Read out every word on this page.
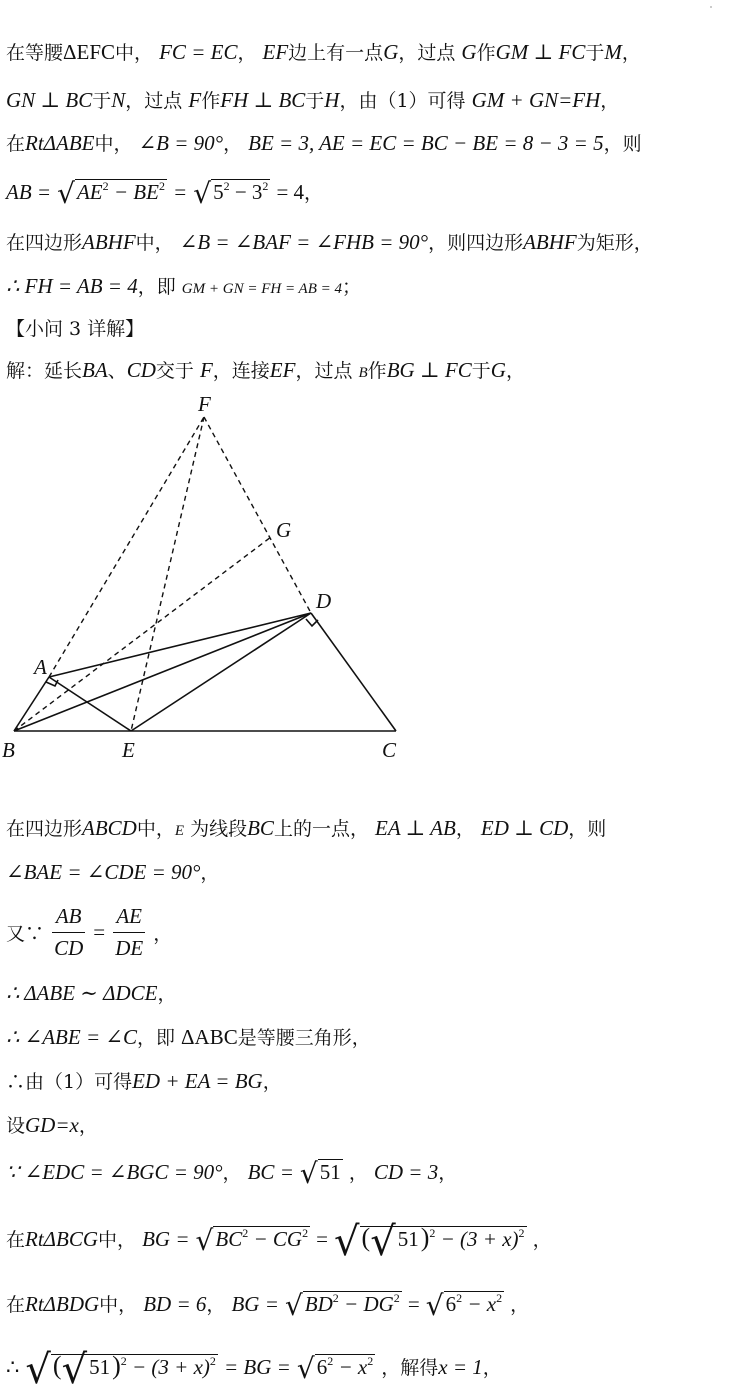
在等腰ΔEFC中， FC = EC， EF边上有一点G，过点 G作GM ⊥ FC于M，
GN ⊥ BC于N，过点 F作FH ⊥ BC于H，由（1）可得 GM + GN=FH，
在RtΔABE中， ∠B = 90°， BE = 3, AE = EC = BC − BE = 8 − 3 = 5，则
AB = $√AE^2 - BE^2 = √5^2 - 3^2 = 4$，
在四边形ABHF中， ∠B = ∠BAF = ∠FHB = 90°，则四边形ABHF为矩形，
∴ FH = AB = 4，即 GM + GN = FH = AB = 4；
【小问 3 详解】
解：延长BA、CD交于 F，连接EF，过点 B作BG ⊥ FC于G，
F
G
D
A
B	E	C
在四边形ABCD中，E 为线段BC上的一点， EA ⊥ AB， ED ⊥ CD，则
∠BAE = ∠CDE = 90°，
又∵ $\frac{AB}{CD} = \frac{AE}{DE}$ ，
∴ ΔABE ∼ ΔDCE，
∴ ∠ABE = ∠C，即 ΔABC是等腰三角形，
∴由（1）可得ED + EA = BG，
设GD=x，
∵ ∠EDC = ∠BGC = 90°， BC = √51 ， CD = 3，
在RtΔBCG中， BG = $√BC^2 - CG^2 = √(√51)^2 - (3 + x)^2$ ，
在RtΔBDG中， BD = 6， BG = $√BD^2 - DG^2 = √6^2 - x^2$ ，
∴ $√(√51)^2 - (3 + x)^2$ = BG = $√6^2 - x^2$ ，解得x = 1，
